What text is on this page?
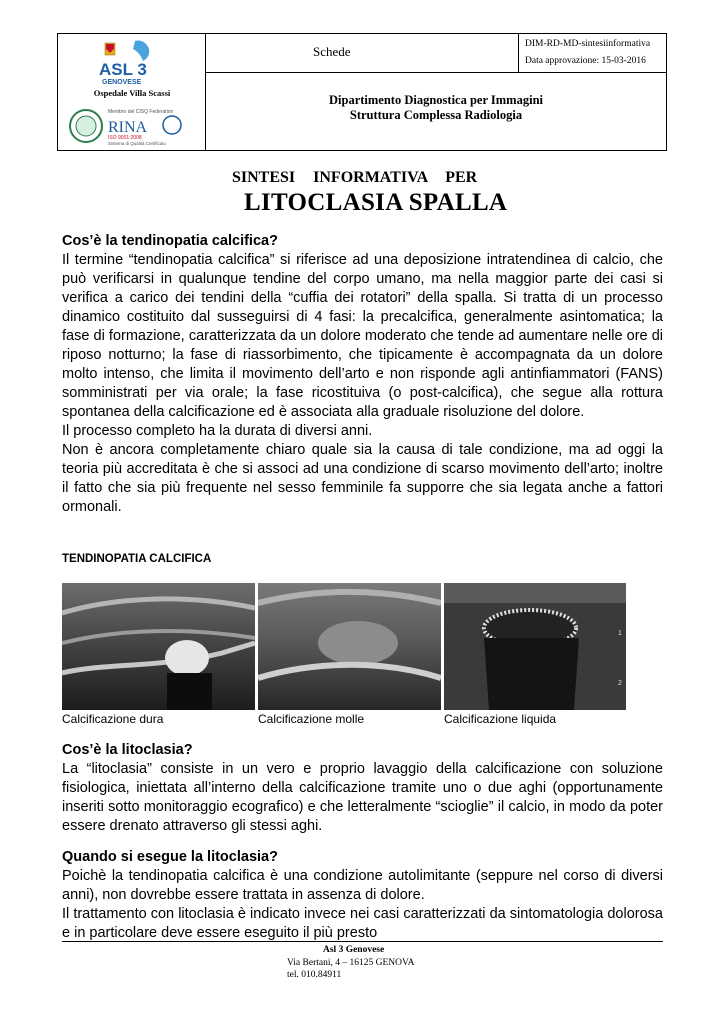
ASL 3
GENOVESE
Ospedale Villa Scassi
Membro del CISQ Federation
RINA
ISO 9001:2008
Sistema di Qualità Certificato
Schede	DIM-RD-MD-sintesiinformativa
Data approvazione: 15-03-2016
Dipartimento Diagnostica per Immagini
Struttura Complessa Radiologia
SINTESI INFORMATIVA PER
LITOCLASIA SPALLA
Cos’è la tendinopatia calcifica?

Il termine “tendinopatia calcifica” si riferisce ad una deposizione intratendinea di calcio, che può verificarsi in qualunque tendine del corpo umano, ma nella maggior parte dei casi si verifica a carico dei tendini della “cuffia dei rotatori” della spalla. Si tratta di un processo dinamico costituito dal susseguirsi di 4 fasi: la precalcifica, generalmente asintomatica; la fase di formazione, caratterizzata da un dolore moderato che tende ad aumentare nelle ore di riposo notturno; la fase di riassorbimento, che tipicamente è accompagnata da un dolore molto intenso, che limita il movimento dell’arto e non risponde agli antinfiammatori (FANS) somministrati per via orale; la fase ricostituiva (o post-calcifica), che segue alla rottura spontanea della calcificazione ed è associata alla graduale risoluzione del dolore.

Il processo completo ha la durata di diversi anni.

Non è ancora completamente chiaro quale sia la causa di tale condizione, ma ad oggi la teoria più accreditata è che si associ ad una condizione di scarso movimento dell’arto; inoltre il fatto che sia più frequente nel sesso femminile fa supporre che sia legata anche a fattori ormonali.

TENDINOPATIA CALCIFICA
1
2
Calcificazione dura	Calcificazione molle	Calcificazione liquida
Cos’è la litoclasia?

La “litoclasia” consiste in un vero e proprio lavaggio della calcificazione con soluzione fisiologica, iniettata all’interno della calcificazione tramite uno o due aghi (opportunamente inseriti sotto monitoraggio ecografico) e che letteralmente “scioglie” il calcio, in modo da poter essere drenato attraverso gli stessi aghi.

Quando si esegue la litoclasia?

Poichè la tendinopatia calcifica è una condizione autolimitante (seppure nel corso di diversi anni), non dovrebbe essere trattata in assenza di dolore.

Il trattamento con litoclasia è indicato invece nei casi caratterizzati da sintomatologia dolorosa e in particolare deve essere eseguito il più presto

Asl 3 Genovese
Via Bertani, 4 – 16125 GENOVA
tel. 010.84911
